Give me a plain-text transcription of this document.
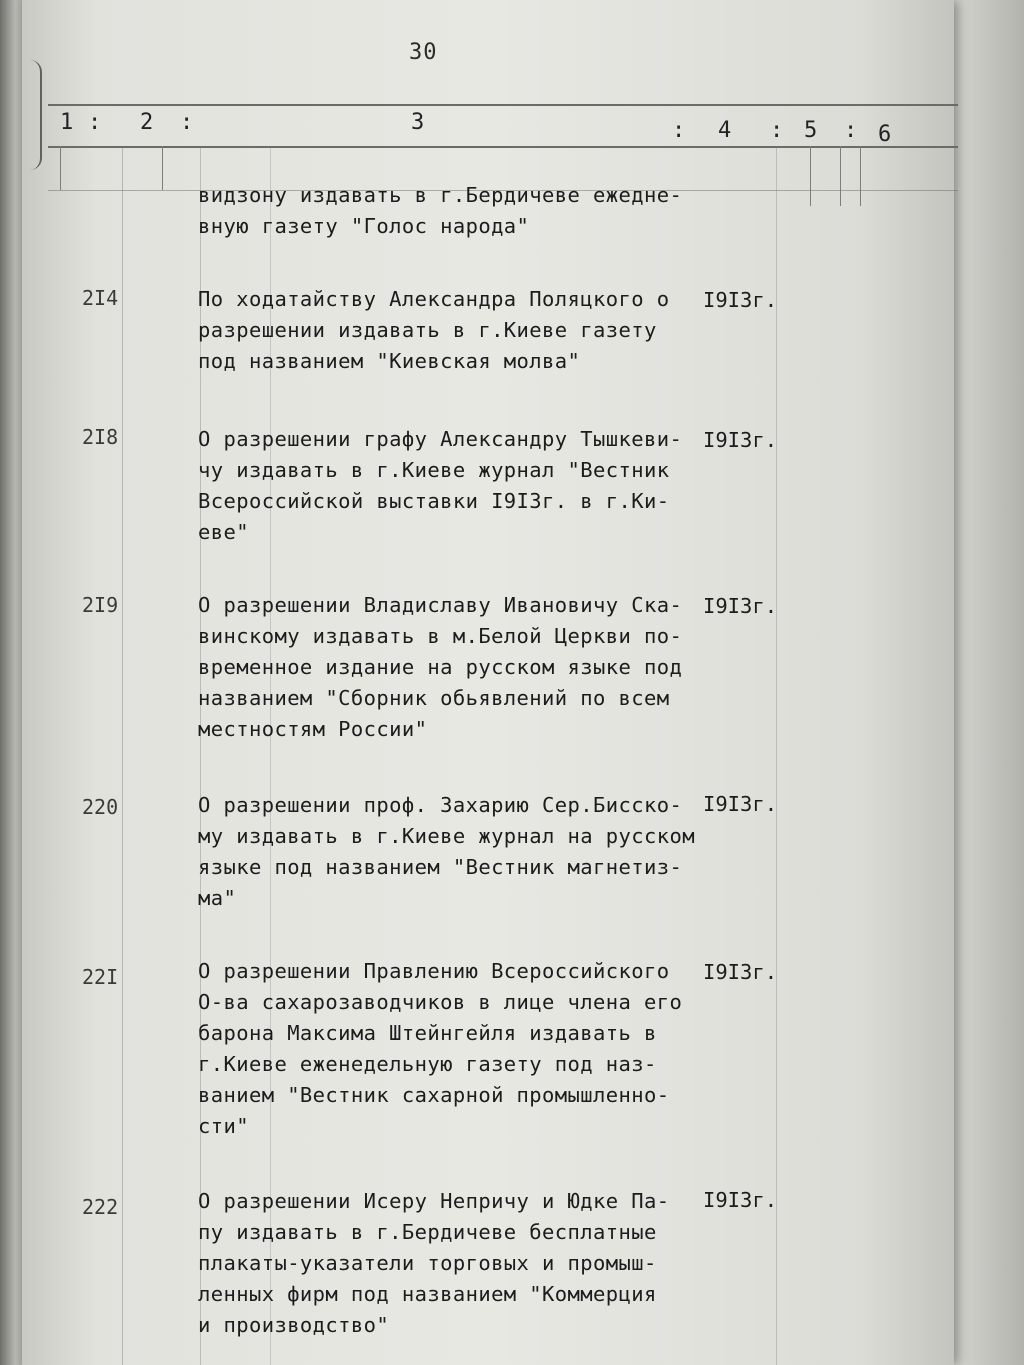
30
1 : 2 :	3	: 4 : 5 : 6
видзону издавать в г.Бердичеве ежедне-
вную газету "Голос народа"
2I4	По ходатайству Александра Поляцкого о
разрешении издавать в г.Киеве газету
под названием "Киевская молва"
I9I3г.
2I8	О разрешении графу Александру Тышкеви-
чу издавать в г.Киеве журнал "Вестник
Всероссийской выставки I9I3г. в г.Ки-
еве"
I9I3г.
2I9	О разрешении Владиславу Ивановичу Ска-
винскому издавать в м.Белой Церкви по-
временное издание на русском языке под
названием "Сборник обьявлений по всем
местностям России"
I9I3г.
220	О разрешении проф. Захарию Сер.Бисско-
му издавать в г.Киеве журнал на русском
языке под названием "Вестник магнетиз-
ма"
I9I3г.
22I	О разрешении Правлению Всероссийского
О-ва сахарозаводчиков в лице члена его
барона Максима Штейнгейля издавать в
г.Киеве еженедельную газету под наз-
ванием "Вестник сахарной промышленно-
сти"
I9I3г.
222	О разрешении Исеру Непричу и Юдке Па-
пу издавать в г.Бердичеве бесплатные
плакаты-указатели торговых и промыш-
ленных фирм под названием "Коммерция
и производство"
I9I3г.
